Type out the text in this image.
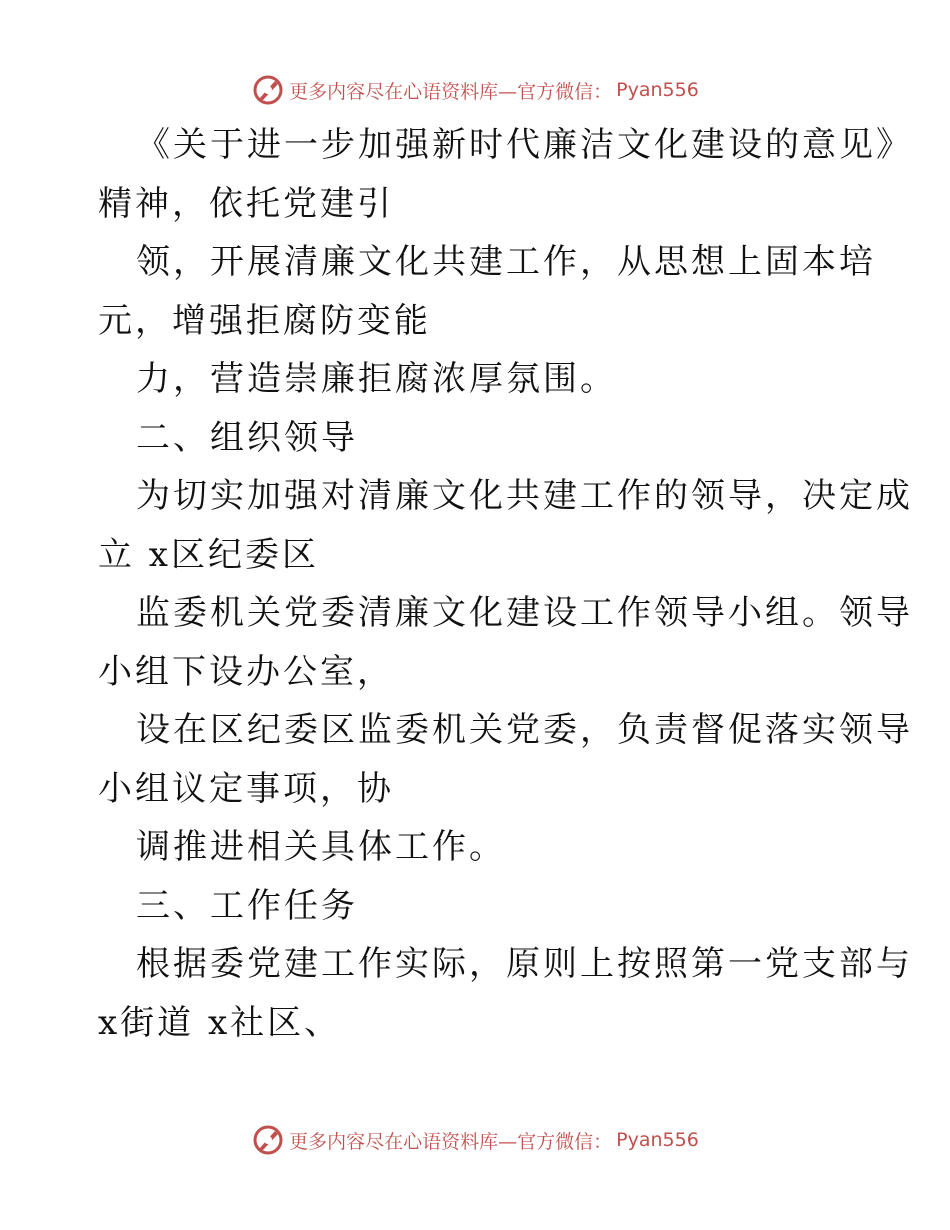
更多内容尽在心语资料库—官方微信： Pyan556
《关于进一步加强新时代廉洁文化建设的意见》
精神，依托党建引
领，开展清廉文化共建工作，从思想上固本培
元，增强拒腐防变能
力，营造崇廉拒腐浓厚氛围。
二、组织领导
为切实加强对清廉文化共建工作的领导，决定成
立 x区纪委区
监委机关党委清廉文化建设工作领导小组。领导
小组下设办公室，
设在区纪委区监委机关党委，负责督促落实领导
小组议定事项，协
调推进相关具体工作。
三、工作任务
根据委党建工作实际，原则上按照第一党支部与
x街道 x社区、
更多内容尽在心语资料库—官方微信： Pyan556
